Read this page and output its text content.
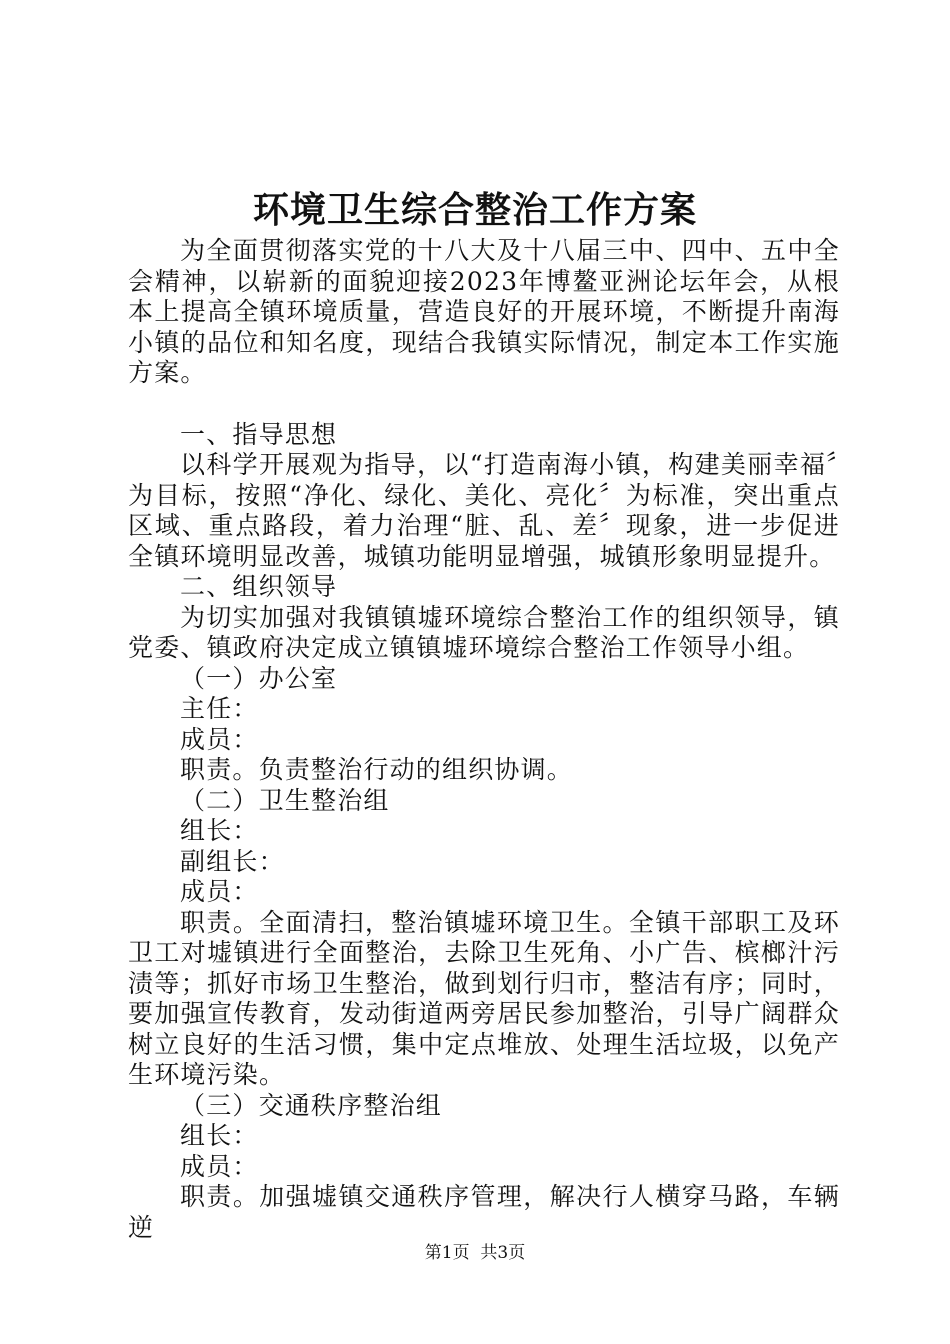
环境卫生综合整治工作方案

为全面贯彻落实党的十八大及十八届三中、四中、五中全会精神，以崭新的面貌迎接2023年博鳌亚洲论坛年会，从根本上提高全镇环境质量，营造良好的开展环境，不断提升南海小镇的品位和知名度，现结合我镇实际情况，制定本工作实施方案。

一、指导思想

以科学开展观为指导，以“打造南海小镇，构建美丽幸福〞为目标，按照“净化、绿化、美化、亮化〞为标准，突出重点区域、重点路段，着力治理“脏、乱、差〞现象，进一步促进全镇环境明显改善，城镇功能明显增强，城镇形象明显提升。

二、组织领导

为切实加强对我镇镇墟环境综合整治工作的组织领导，镇党委、镇政府决定成立镇镇墟环境综合整治工作领导小组。

（一）办公室

主任：

成员：

职责。负责整治行动的组织协调。

（二）卫生整治组

组长：

副组长：

成员：

职责。全面清扫，整治镇墟环境卫生。全镇干部职工及环卫工对墟镇进行全面整治，去除卫生死角、小广告、槟榔汁污渍等；抓好市场卫生整治，做到划行归市，整洁有序；同时，要加强宣传教育，发动街道两旁居民参加整治，引导广阔群众树立良好的生活习惯，集中定点堆放、处理生活垃圾，以免产生环境污染。

（三）交通秩序整治组

组长：

成员：

职责。加强墟镇交通秩序管理，解决行人横穿马路，车辆逆

第1页 共3页
